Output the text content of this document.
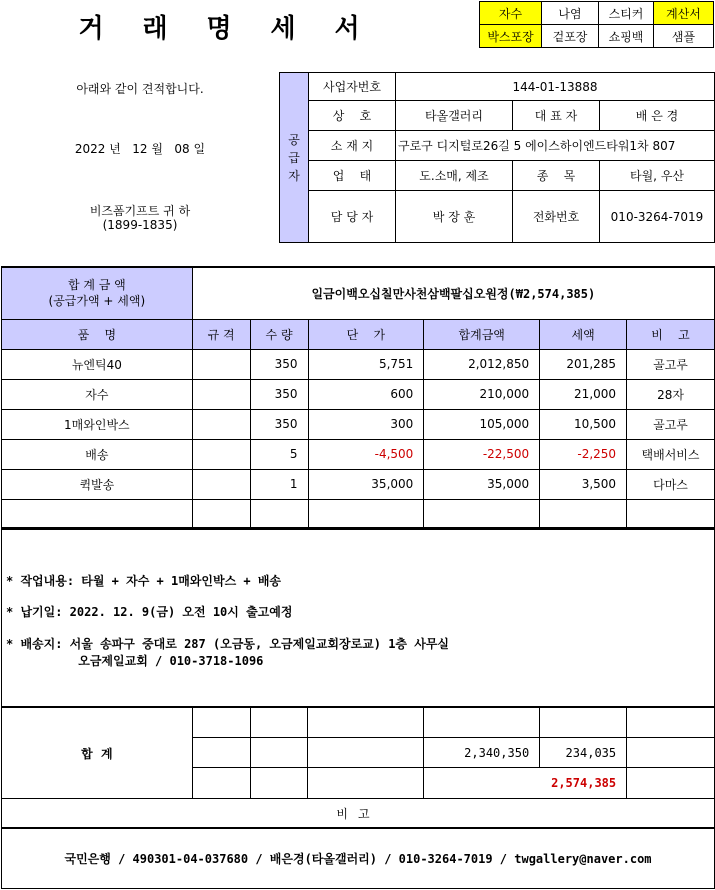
거 래 명 세 서	자수	나염	스티커	계산서
박스포장	겉포장	쇼핑백	샘플
아래와 같이 견적합니다.
2022 년   12 월   08 일
비즈폼기프트 귀 하
(1899-1835)
공
급
자	사업자번호	144-01-13888		
	상    호	타올갤러리	대 표 자	배 은 경
	소 재 지	구로구 디지털로26길 5 에이스하이엔드타워1차 807		
	업    태	도.소매, 제조	종    목	타월, 우산
	담 당 자	박 장 훈	전화번호	010-3264-7019
합 계 금 액
(공급가액 + 세액)	일금이백오십칠만사천삼백팔십오원정(₩2,574,385)					
품    명	규 격	수 량	단    가	합계금액	세액	비    고
뉴엔틱40		350	5,751	2,012,850	201,285	골고루
자수		350	600	210,000	21,000	28자
1매와인박스		350	300	105,000	10,500	골고루
배송		5	-4,500	-22,500	-2,250	택배서비스
퀵발송		1	35,000	35,000	3,500	다마스

* 작업내용: 타월 + 자수 + 1매와인박스 + 배송
* 납기일: 2022. 12. 9(금) 오전 10시 출고예정
* 배송지: 서울 송파구 중대로 287 (오금동, 오금제일교회장로교) 1층 사무실
오금제일교회 / 010-3718-1096
합  계						
				2,340,350	234,035	
				2,574,385		
비고
국민은행 / 490301-04-037680 / 배은경(타올갤러리) / 010-3264-7019 / twgallery@naver.com
